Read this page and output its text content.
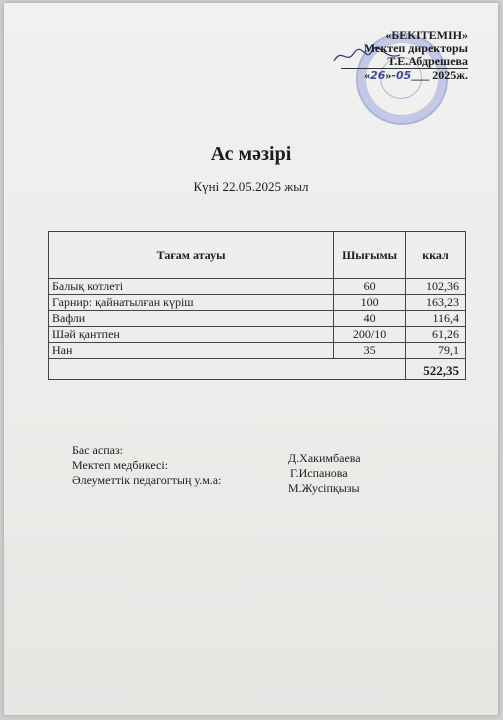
«БЕКІТЕМІН»
Мектеп директоры
Т.Е.Абдрешева
«26»-05___ 2025ж.
Ас мәзірі
Күні 22.05.2025 жыл
Тағам атауы	Шығымы	ккал
Балық котлеті	60	102,36
Гарнир: қайнатылған күріш	100	163,23
Вафли	40	116,4
Шәй қантпен	200/10	61,26
Нан	35	79,1
		522,35
Бас аспаз:
Мектеп медбикесі:
Әлеуметтік педагогтың у.м.а:
Д.Хакимбаева
Г.Испанова
М.Жусіпқызы
